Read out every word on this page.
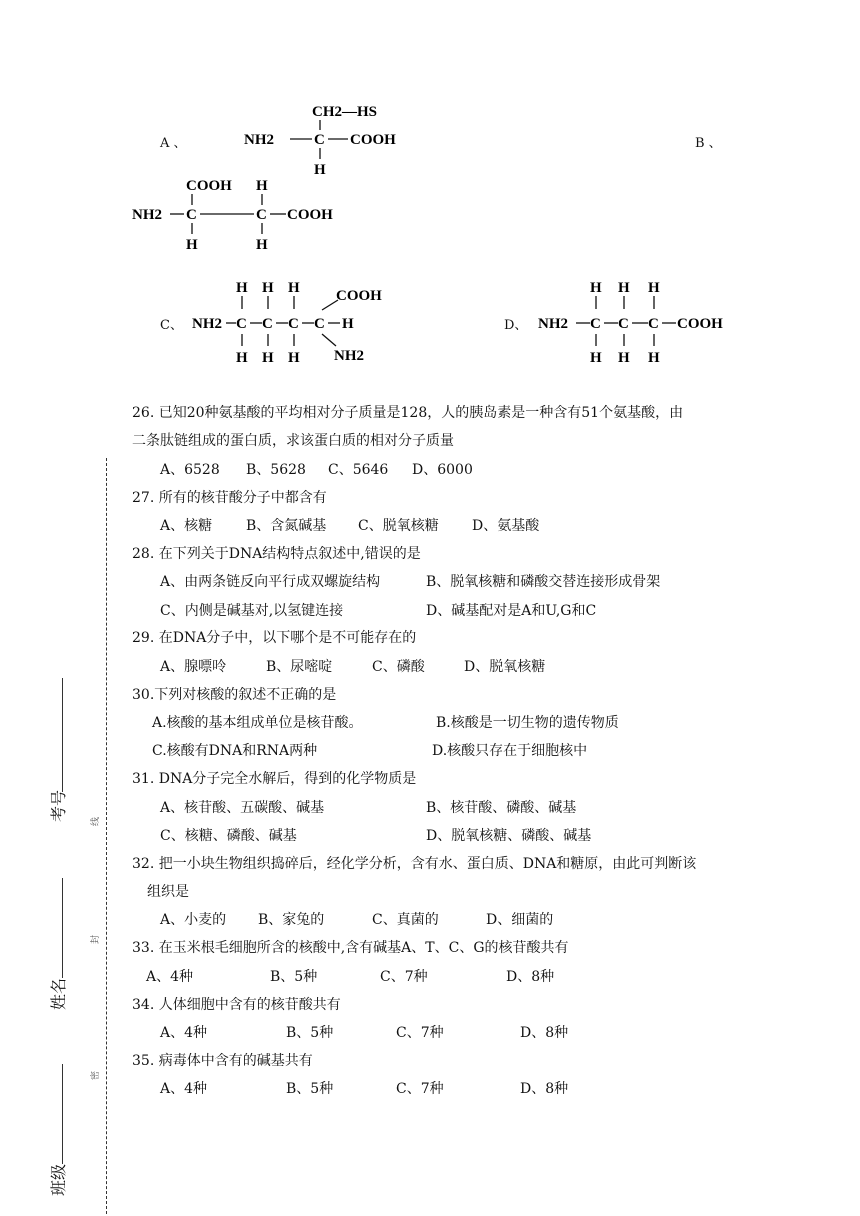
A 、
CH2—HS
NH2	C COOH
H
B 、
COOH H
NH2 C	C COOH
H	H
C、
H H H COOH
NH2 C C C C H
H H H NH2
D、
H H H
NH2 C C C COOH
H H H
26. 已知20种氨基酸的平均相对分子质量是128，人的胰岛素是一种含有51个氨基酸，由
二条肽链组成的蛋白质，求该蛋白质的相对分子质量
A、6528 B、5628 C、5646 D、6000
27. 所有的核苷酸分子中都含有
A、核糖 B、含氮碱基 C、脱氧核糖 D、氨基酸
28. 在下列关于DNA结构特点叙述中,错误的是
A、由两条链反向平行成双螺旋结构	B、脱氧核糖和磷酸交替连接形成骨架
C、内侧是碱基对,以氢键连接	D、碱基配对是A和U,G和C
29. 在DNA分子中，以下哪个是不可能存在的
A、腺嘌呤	B、尿嘧啶	C、磷酸	D、脱氧核糖
30.下列对核酸的叙述不正确的是
A.核酸的基本组成单位是核苷酸。	B.核酸是一切生物的遗传物质
C.核酸有DNA和RNA两种	D.核酸只存在于细胞核中
31. DNA分子完全水解后，得到的化学物质是
A、核苷酸、五碳酸、碱基	B、核苷酸、磷酸、碱基
C、核糖、磷酸、碱基	D、脱氧核糖、磷酸、碱基
32. 把一小块生物组织捣碎后，经化学分析，含有水、蛋白质、DNA和糖原，由此可判断该
组织是
A、小麦的 B、家兔的	C、真菌的	D、细菌的
33. 在玉米根毛细胞所含的核酸中,含有碱基A、T、C、G的核苷酸共有
A、4种	B、5种	C、7种	D、8种
34. 人体细胞中含有的核苷酸共有
A、4种	B、5种	C、7种	D、8种
35. 病毒体中含有的碱基共有
A、4种	B、5种	C、7种	D、8种
考号
姓名
班级
线
封
密
